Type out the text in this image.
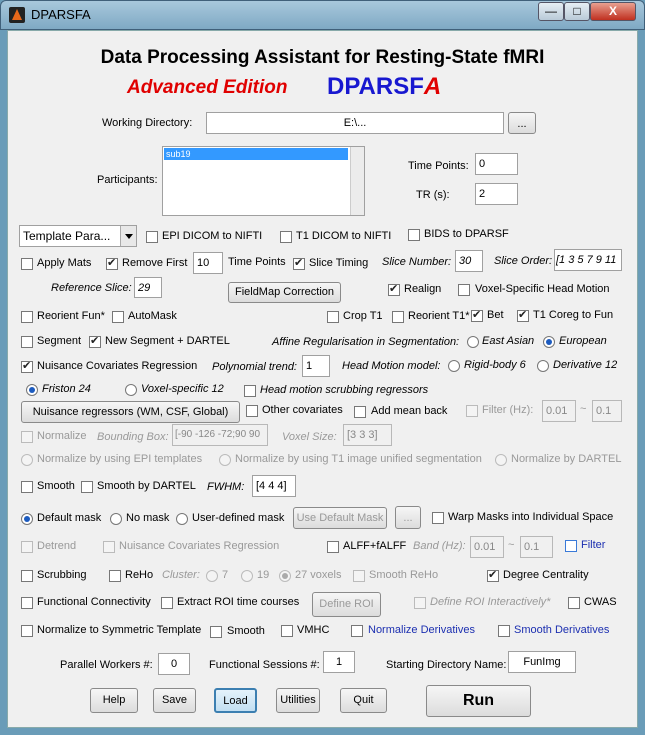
DPARSFA	—	□	X
Data Processing Assistant for Resting-State fMRI
Advanced Edition DPARSFA
Working Directory:	E:\...	...
Participants:
sub19
Time Points: 0
TR (s):	2
Template Para...	EPI DICOM to NIFTI	T1 DICOM to NIFTI	BIDS to DPARSF
Apply Mats ✔	Remove First 10	Time Points ✔ Slice Timing Slice Number: 30	Slice Order: [1 3 5 7 9 11
Reference Slice: 29	FieldMap Correction ✔	Realign	Voxel-Specific Head Motion
Reorient Fun* AutoMask	Crop T1 Reorient T1* ✔ Bet ✔	T1 Coreg to Fun
Segment ✔ New Segment + DARTEL	Affine Regularisation in Segmentation: East Asian European
✔
Nuisance Covariates Regression Polynomial trend: 1	Head Motion model: Rigid-body 6 Derivative 12
Friston 24	Voxel-specific 12	Head motion scrubbing regressors
Nuisance regressors (WM, CSF, Global)	Other covariates	Add mean back	Filter (Hz):	0.01	~ 0.1
Normalize Bounding Box: [-90 -126 -72;90 90	Voxel Size: [3 3 3]
Normalize by using EPI templates	Normalize by using T1 image unified segmentation	Normalize by DARTEL
Smooth Smooth by DARTEL FWHM:	[4 4 4]
Default mask No mask User-defined mask	Use Default Mask	...	Warp Masks into Individual Space
Detrend	Nuisance Covariates Regression	ALFF+fALFF Band (Hz): 0.01	~ 0.1	Filter
Scrubbing	ReHo Cluster: 7	19 27 voxels	Smooth ReHo ✔	Degree Centrality
Functional Connectivity Extract ROI time courses	Define ROI	Define ROI Interactively*	CWAS
Normalize to Symmetric Template Smooth	VMHC	Normalize Derivatives	Smooth Derivatives
Parallel Workers #:	0	Functional Sessions #:	1	Starting Directory Name:	FunImg
Help	Save	Load	Utilities	Quit	Run
